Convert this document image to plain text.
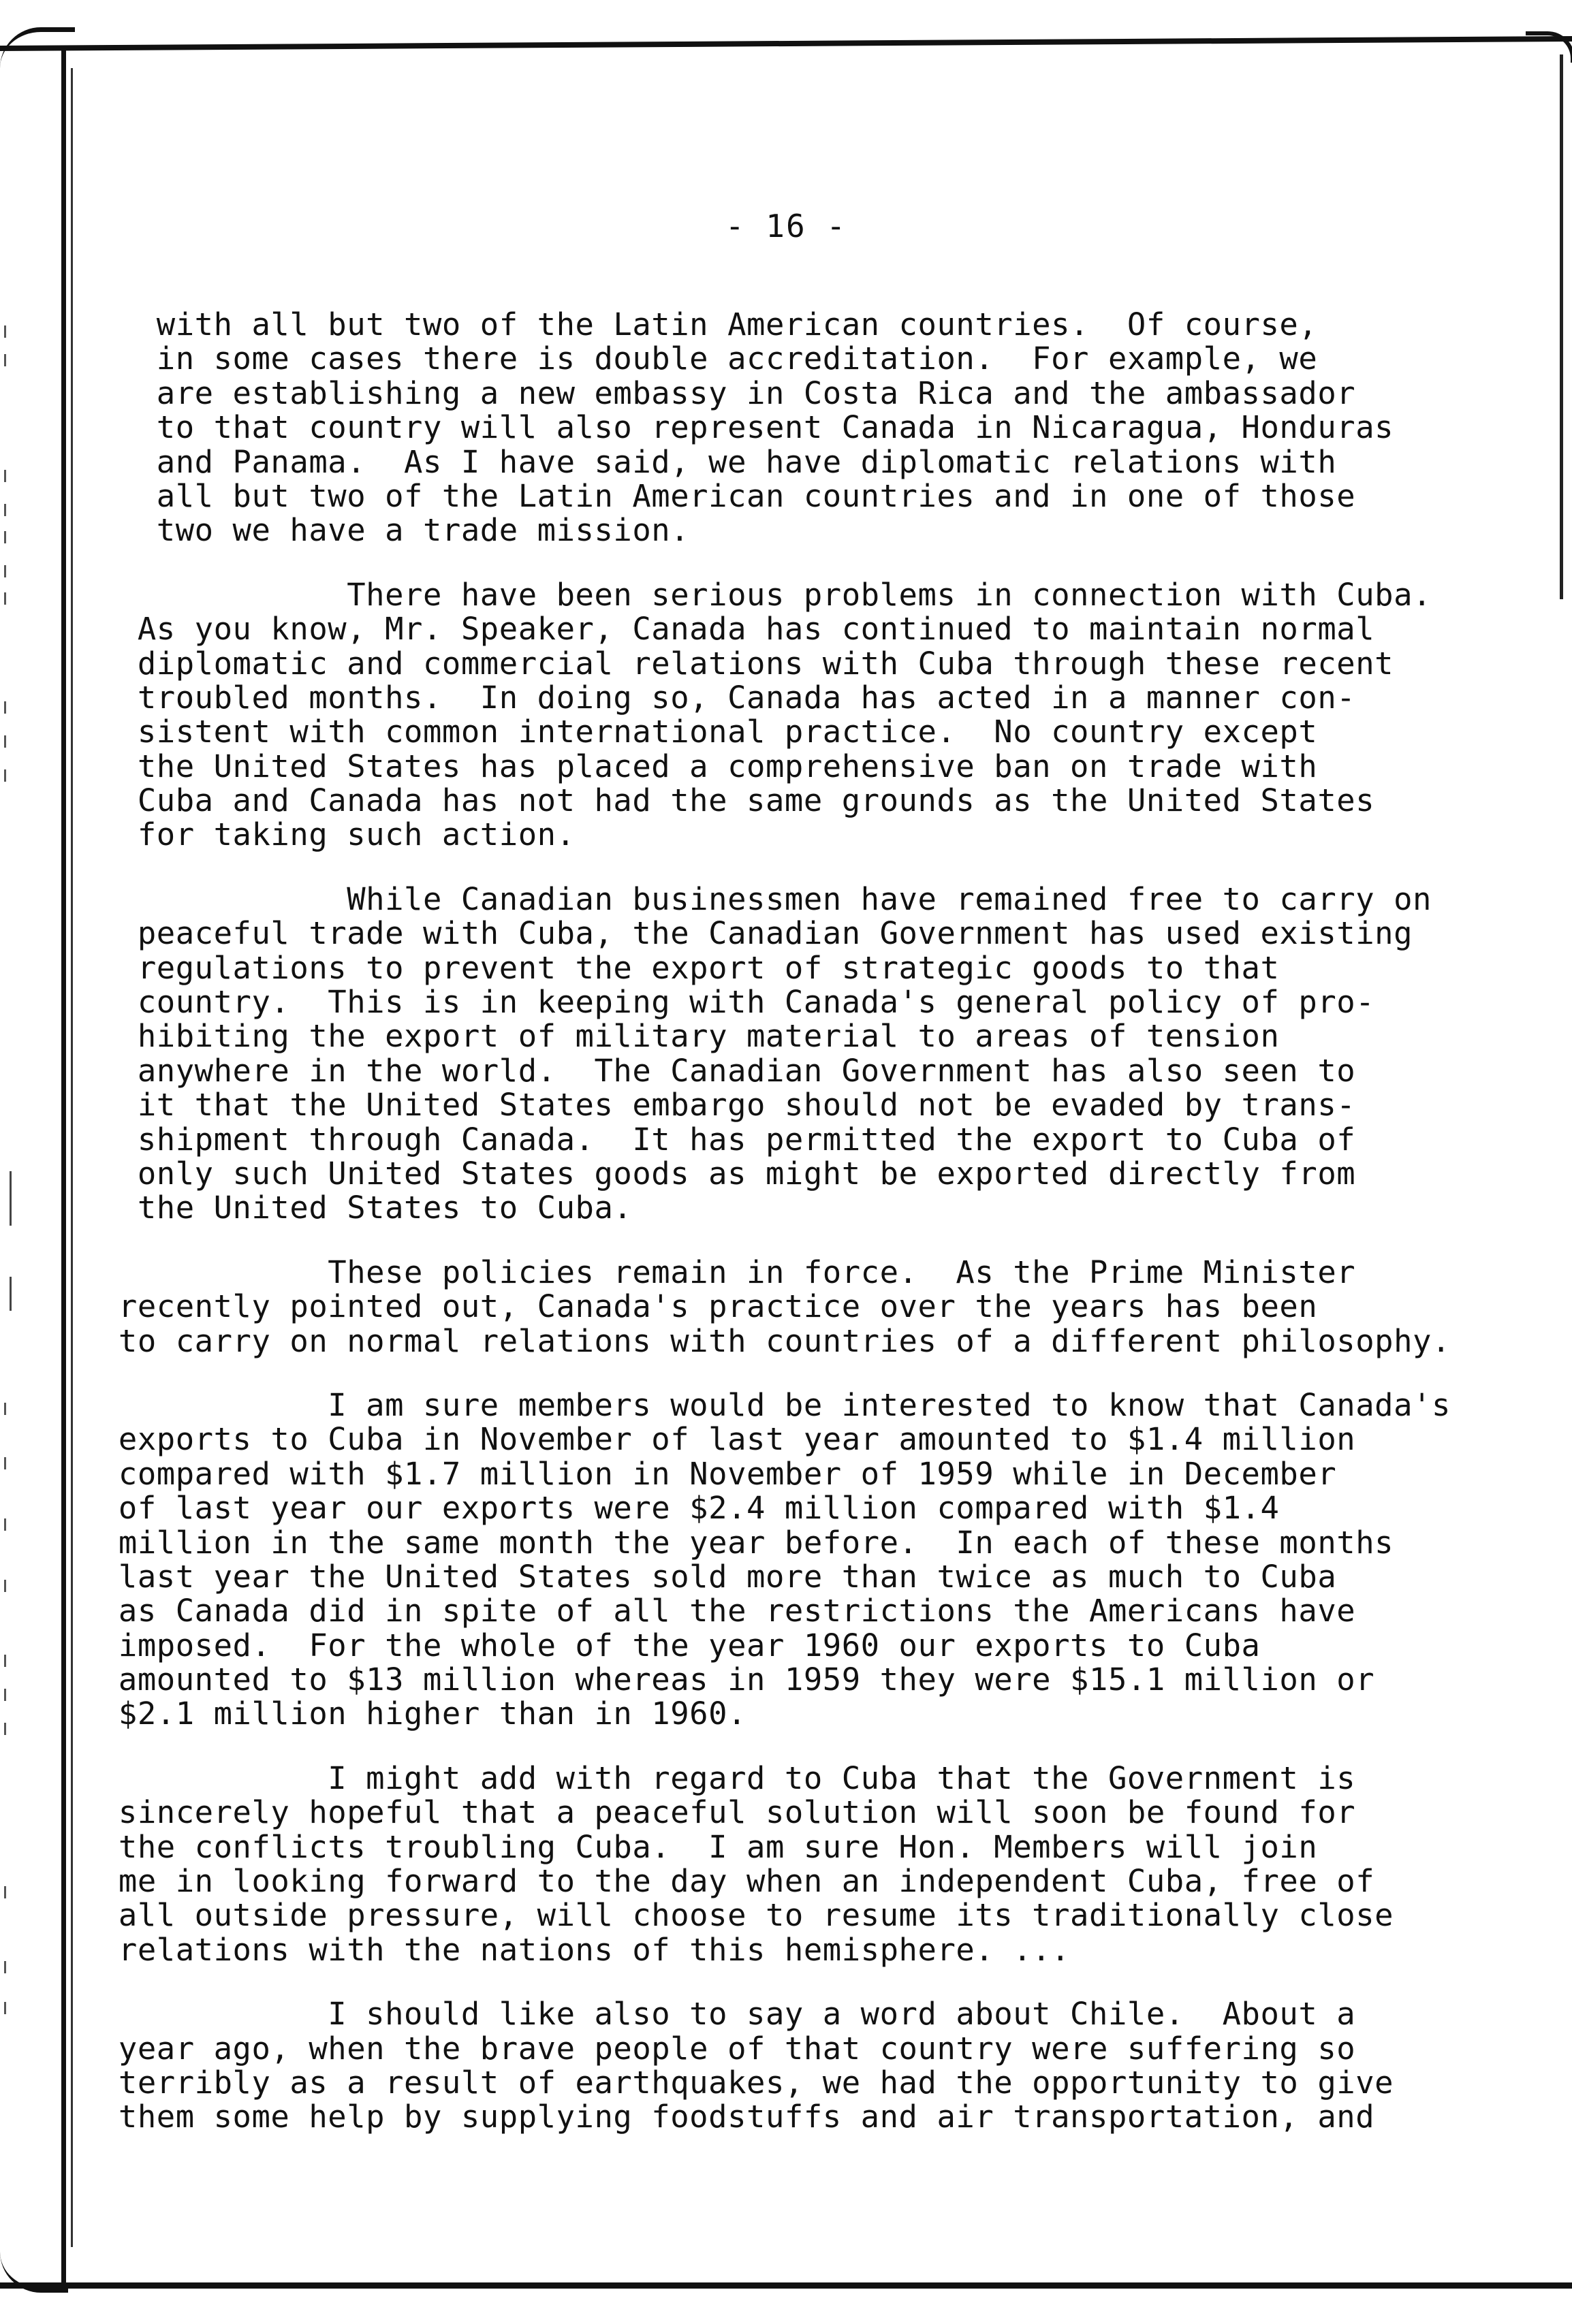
- 16 -
with all but two of the Latin American countries.  Of course,
in some cases there is double accreditation.  For example, we
are establishing a new embassy in Costa Rica and the ambassador
to that country will also represent Canada in Nicaragua, Honduras
and Panama.  As I have said, we have diplomatic relations with
all but two of the Latin American countries and in one of those
two we have a trade mission.
There have been serious problems in connection with Cuba.
As you know, Mr. Speaker, Canada has continued to maintain normal
diplomatic and commercial relations with Cuba through these recent
troubled months.  In doing so, Canada has acted in a manner con-
sistent with common international practice.  No country except
the United States has placed a comprehensive ban on trade with
Cuba and Canada has not had the same grounds as the United States
for taking such action.
While Canadian businessmen have remained free to carry on
peaceful trade with Cuba, the Canadian Government has used existing
regulations to prevent the export of strategic goods to that
country.  This is in keeping with Canada's general policy of pro-
hibiting the export of military material to areas of tension
anywhere in the world.  The Canadian Government has also seen to
it that the United States embargo should not be evaded by trans-
shipment through Canada.  It has permitted the export to Cuba of
only such United States goods as might be exported directly from
the United States to Cuba.
These policies remain in force.  As the Prime Minister
recently pointed out, Canada's practice over the years has been
to carry on normal relations with countries of a different philosophy.
I am sure members would be interested to know that Canada's
exports to Cuba in November of last year amounted to $1.4 million
compared with $1.7 million in November of 1959 while in December
of last year our exports were $2.4 million compared with $1.4
million in the same month the year before.  In each of these months
last year the United States sold more than twice as much to Cuba
as Canada did in spite of all the restrictions the Americans have
imposed.  For the whole of the year 1960 our exports to Cuba
amounted to $13 million whereas in 1959 they were $15.1 million or
$2.1 million higher than in 1960.
I might add with regard to Cuba that the Government is
sincerely hopeful that a peaceful solution will soon be found for
the conflicts troubling Cuba.  I am sure Hon. Members will join
me in looking forward to the day when an independent Cuba, free of
all outside pressure, will choose to resume its traditionally close
relations with the nations of this hemisphere. ...
I should like also to say a word about Chile.  About a
year ago, when the brave people of that country were suffering so
terribly as a result of earthquakes, we had the opportunity to give
them some help by supplying foodstuffs and air transportation, and
